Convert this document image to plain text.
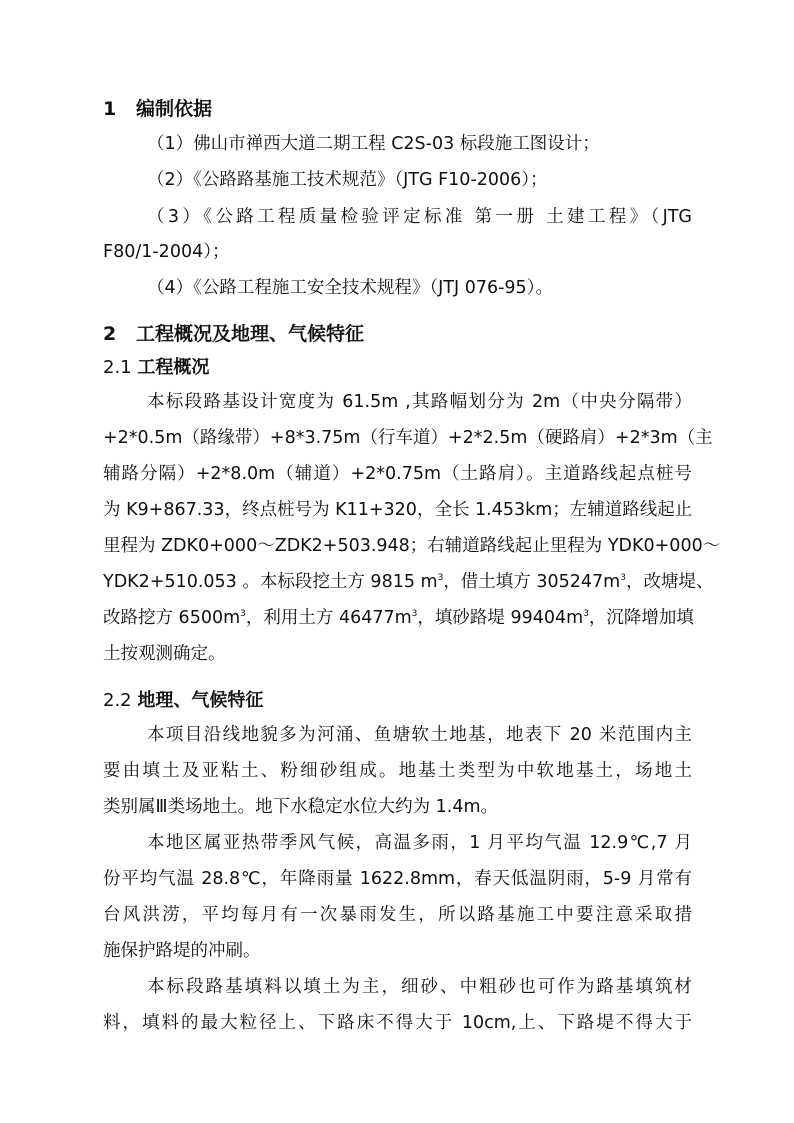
1 编制依据
（1）佛山市禅西大道二期工程 C2S-03 标段施工图设计；
（2）《公路路基施工技术规范》（JTG F10-2006）；
（3）《公路工程质量检验评定标准 第一册 土建工程》（JTG
F80/1-2004）；
（4）《公路工程施工安全技术规程》（JTJ 076-95）。
2 工程概况及地理、气候特征
2.1 工程概况
本标段路基设计宽度为 61.5m ,其路幅划分为 2m（中央分隔带）
+2*0.5m（路缘带）+8*3.75m（行车道）+2*2.5m（硬路肩）+2*3m（主
辅路分隔）+2*8.0m（辅道）+2*0.75m（土路肩）。主道路线起点桩号
为 K9+867.33，终点桩号为 K11+320，全长 1.453km；左辅道路线起止
里程为 ZDK0+000～ZDK2+503.948；右辅道路线起止里程为 YDK0+000～
YDK2+510.053 。本标段挖土方 9815 $m^3$，借土填方 $305247m^3$，改塘堤、
改路挖方 $6500m^3$，利用土方 $46477m^3$，填砂路堤 $99404m^3$，沉降增加填
土按观测确定。
2.2 地理、气候特征
本项目沿线地貌多为河涌、鱼塘软土地基，地表下 20 米范围内主
要由填土及亚粘土、粉细砂组成。地基土类型为中软地基土，场地土
类别属Ⅲ类场地土。地下水稳定水位大约为 1.4m。
本地区属亚热带季风气候，高温多雨，1 月平均气温 12.9℃,7 月
份平均气温 28.8℃，年降雨量 1622.8mm，春天低温阴雨，5-9 月常有
台风洪涝，平均每月有一次暴雨发生，所以路基施工中要注意采取措
施保护路堤的冲刷。
本标段路基填料以填土为主，细砂、中粗砂也可作为路基填筑材
料，填料的最大粒径上、下路床不得大于 10cm,上、下路堤不得大于
